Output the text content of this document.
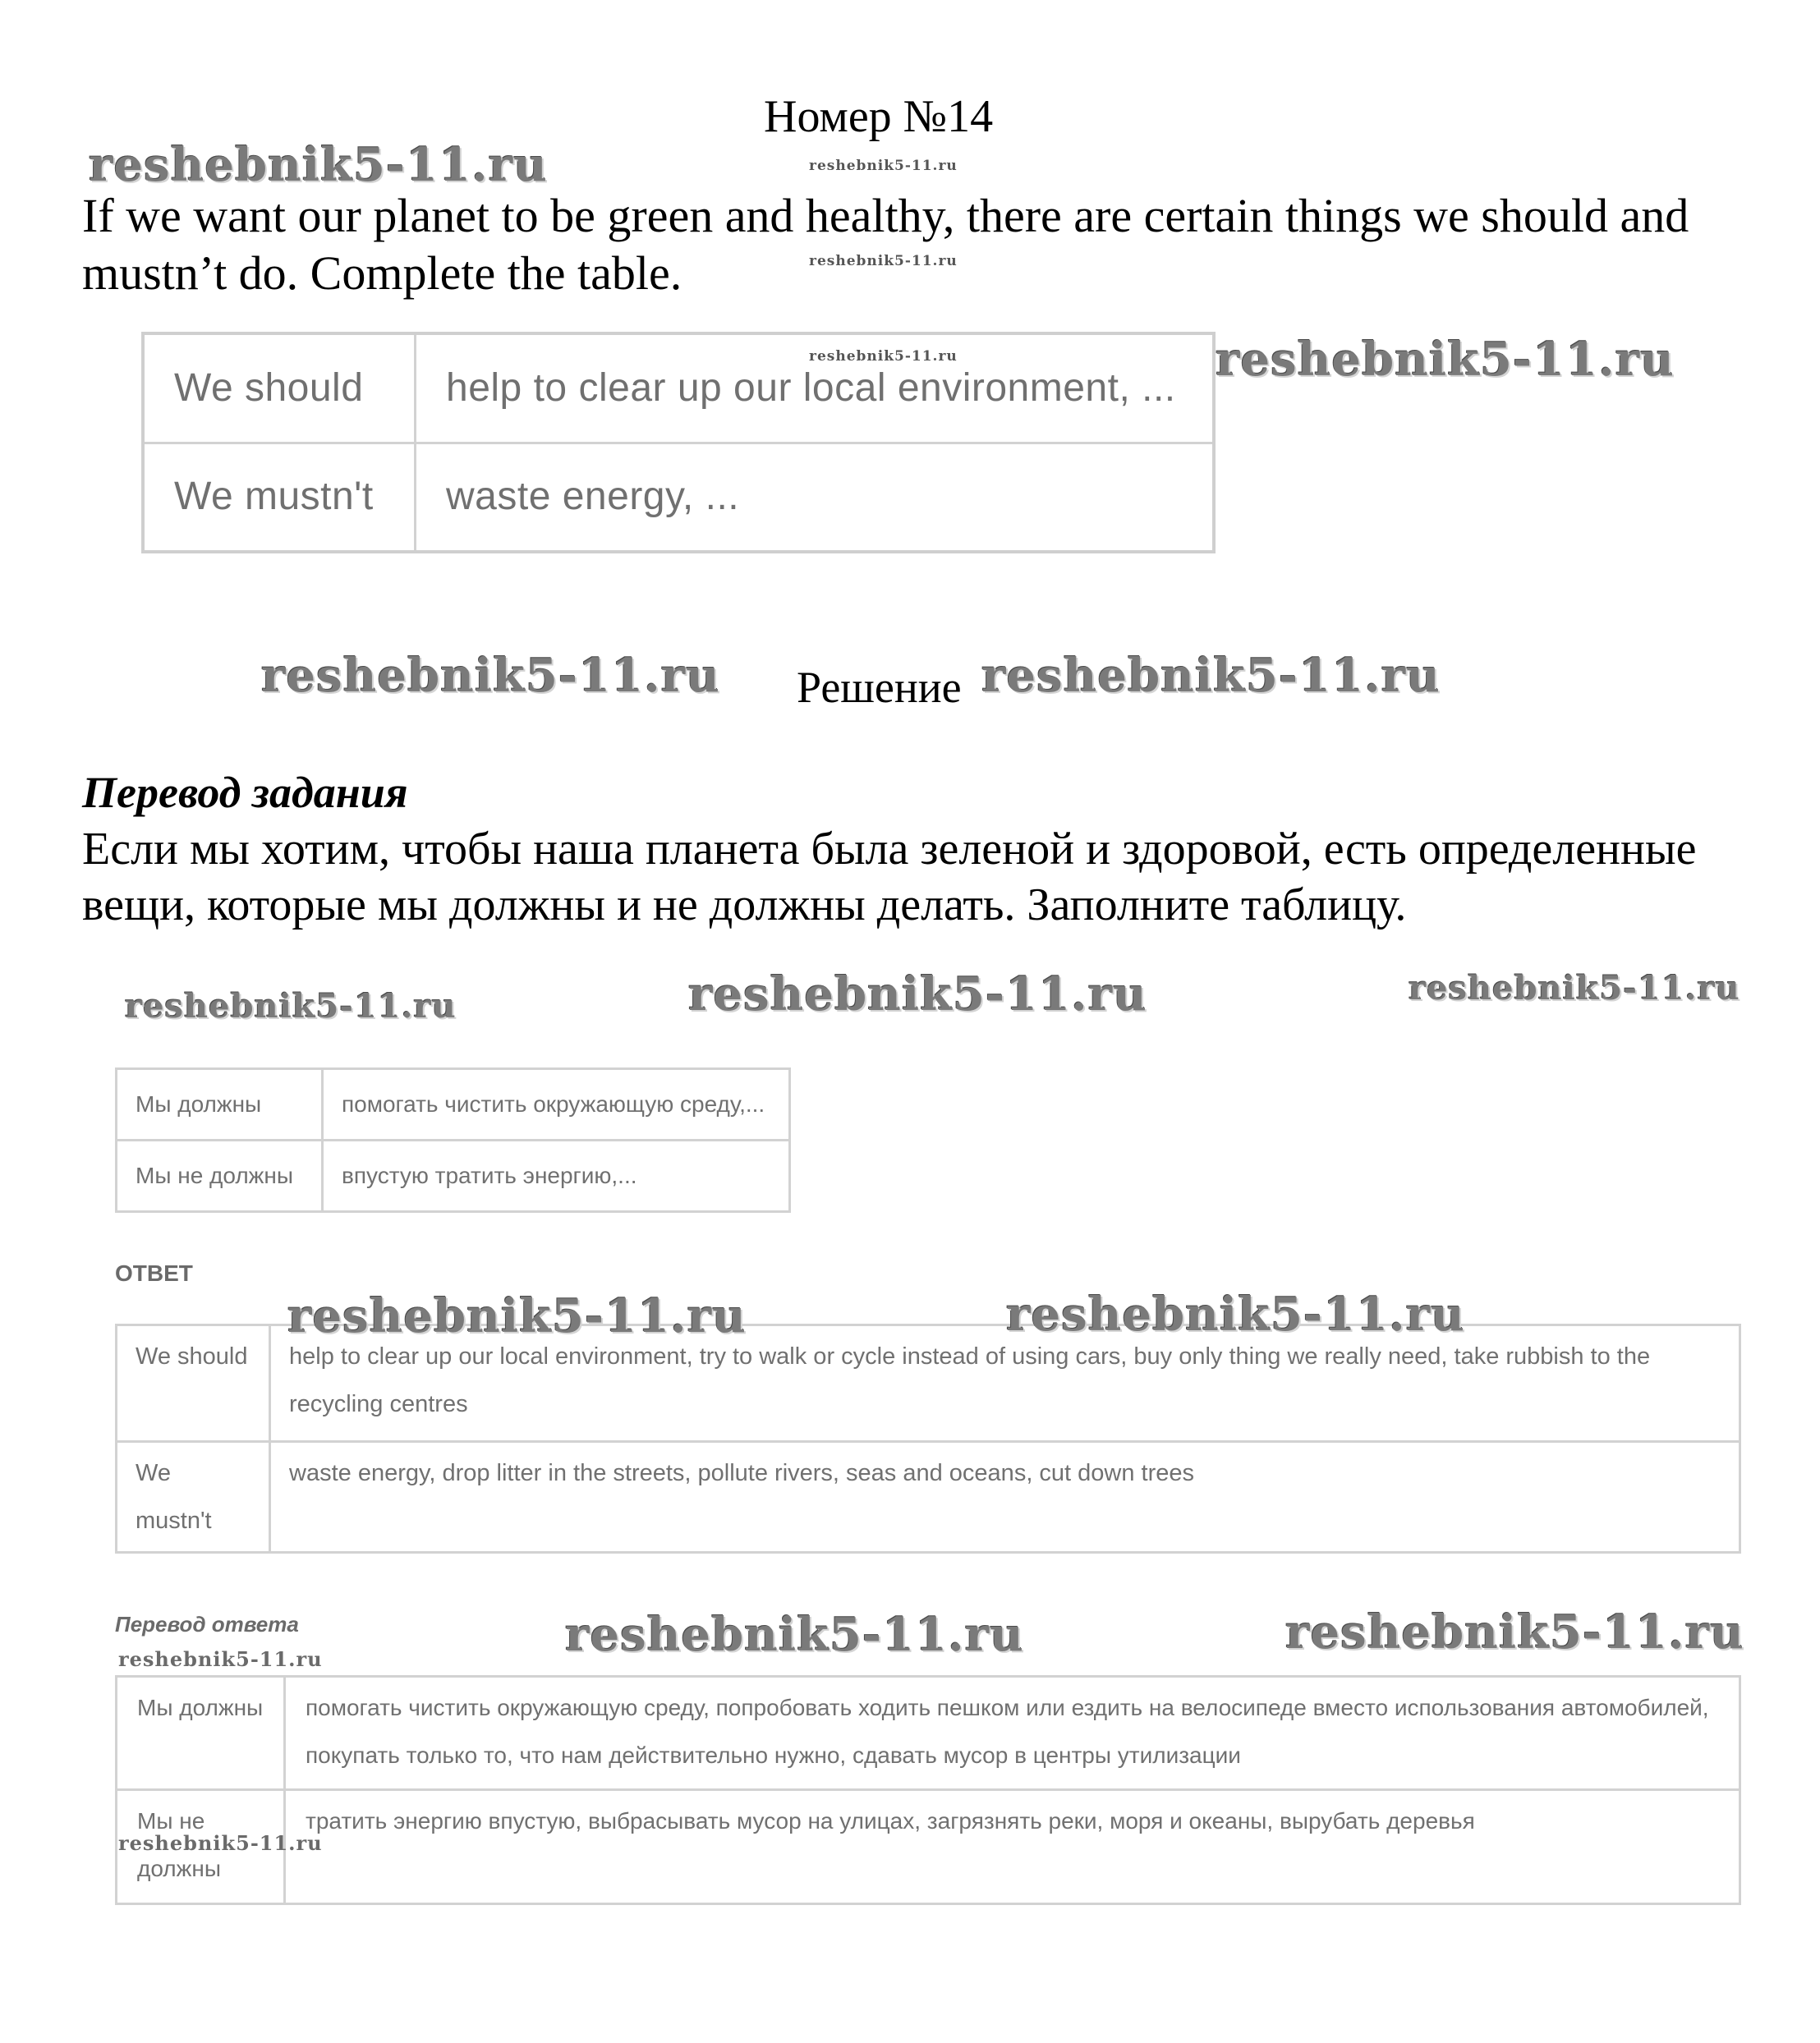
Номер №14
If we want our planet to be green and healthy, there are certain things we should and mustn’t do. Complete the table.
We should	help to clear up our local environment, ...
We mustn't	waste energy, ...
Решение
Перевод задания
Если мы хотим, чтобы наша планета была зеленой и здоровой, есть определенные вещи, которые мы должны и не должны делать. Заполните таблицу.
Мы должны	помогать чистить окружающую среду,...
Мы не должны	впустую тратить энергию,...
ОТВЕТ
We should	help to clear up our local environment, try to walk or cycle instead of using cars, buy only thing we really need, take rubbish to the recycling centres
We mustn't	waste energy, drop litter in the streets, pollute rivers, seas and oceans, cut down trees
Перевод ответа
Мы должны	помогать чистить окружающую среду, попробовать ходить пешком или ездить на велосипеде вместо использования автомобилей, покупать только то, что нам действительно нужно, сдавать мусор в центры утилизации
Мы не должны	тратить энергию впустую, выбрасывать мусор на улицах, загрязнять реки, моря и океаны, вырубать деревья
reshebnik5-11.ru	reshebnik5-11.ru
reshebnik5-11.ru
reshebnik5-11.ru	reshebnik5-11.ru
reshebnik5-11.ru	reshebnik5-11.ru
reshebnik5-11.ru	reshebnik5-11.ru	reshebnik5-11.ru
reshebnik5-11.ru	reshebnik5-11.ru
reshebnik5-11.ru	reshebnik5-11.ru
reshebnik5-11.ru
reshebnik5-11.ru
